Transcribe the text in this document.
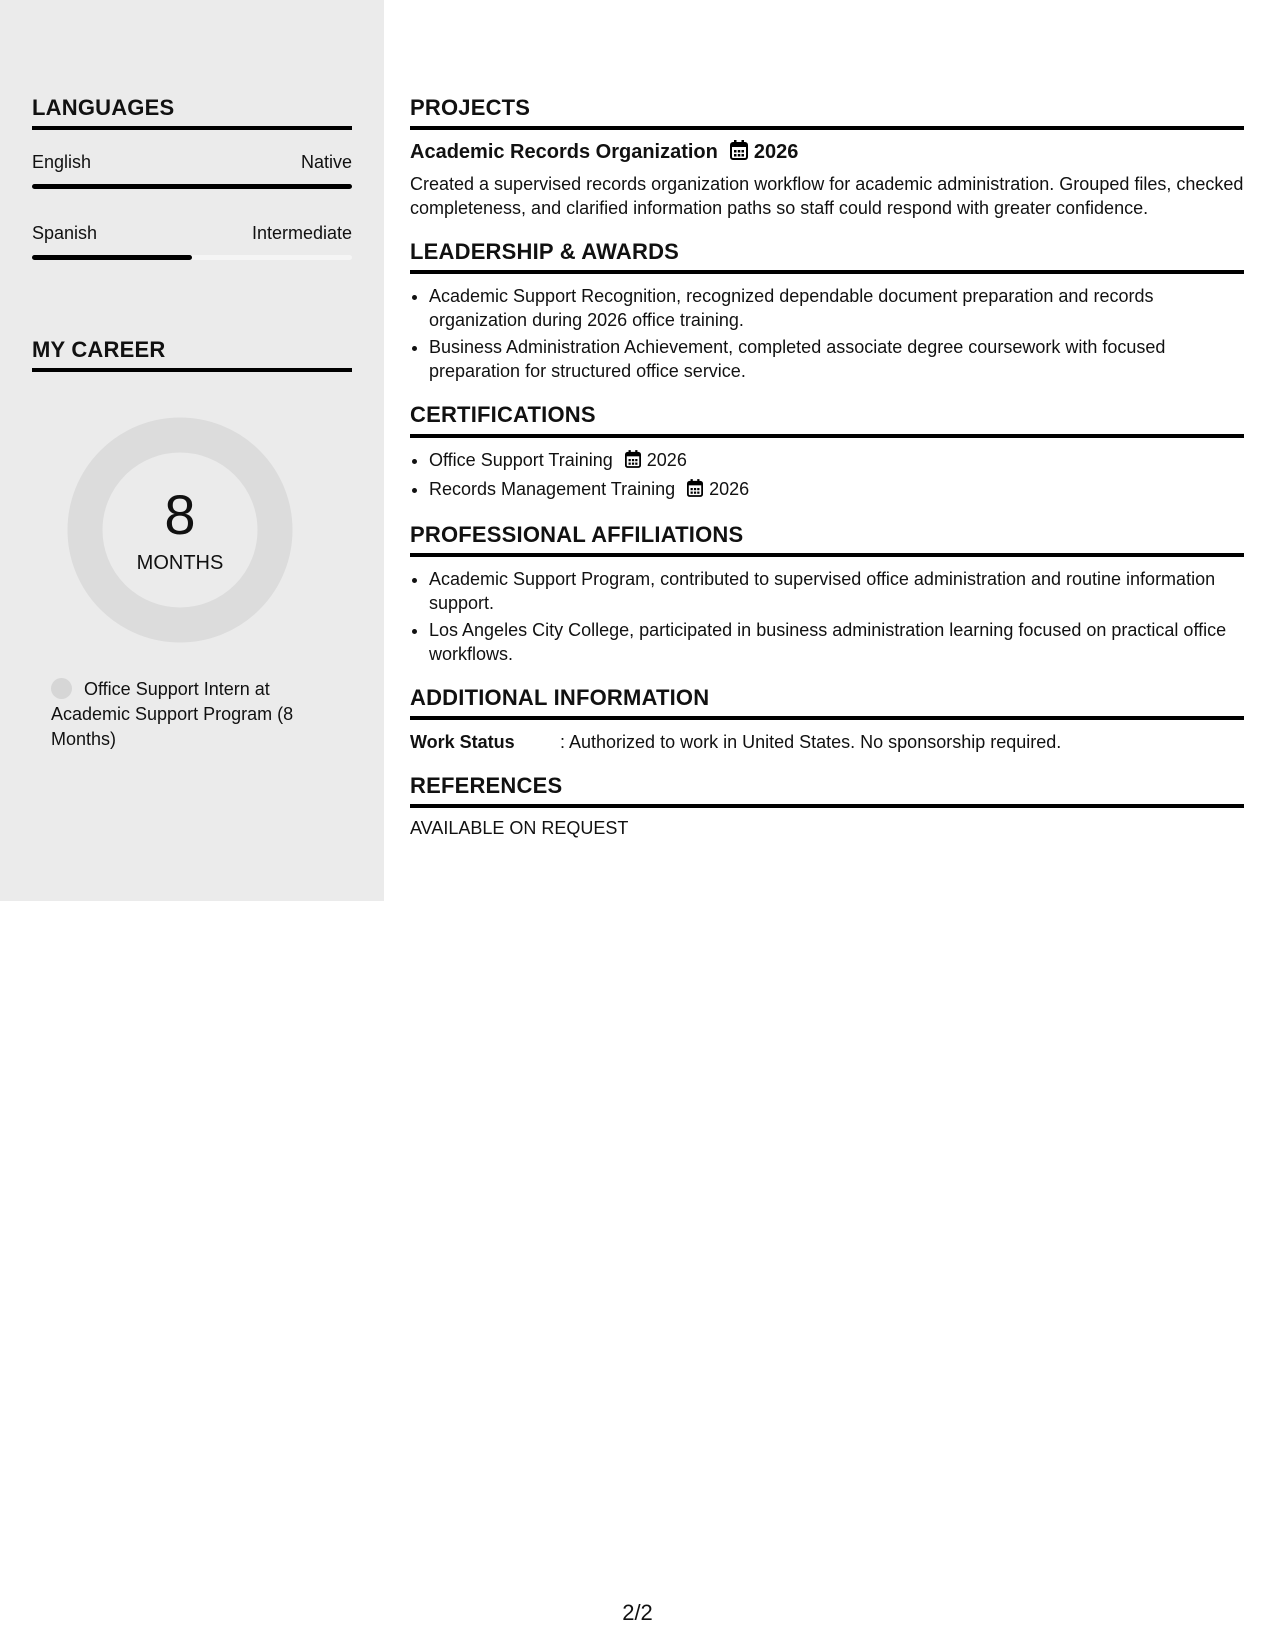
LANGUAGES
English	Native
Spanish	Intermediate
MY CAREER
8
MONTHS
Office Support Intern at Academic Support Program (8 Months)
PROJECTS
Academic Records Organization 2026

Created a supervised records organization workflow for academic administration. Grouped files, checked completeness, and clarified information paths so staff could respond with greater confidence.

LEADERSHIP & AWARDS
• Academic Support Recognition, recognized dependable document preparation and records organization during 2026 office training.
• Business Administration Achievement, completed associate degree coursework with focused preparation for structured office service.
CERTIFICATIONS
• Office Support Training 2026
• Records Management Training 2026
PROFESSIONAL AFFILIATIONS
• Academic Support Program, contributed to supervised office administration and routine information support.
• Los Angeles City College, participated in business administration learning focused on practical office workflows.
ADDITIONAL INFORMATION
Work Status	: Authorized to work in United States. No sponsorship required.
REFERENCES
AVAILABLE ON REQUEST
2/2
